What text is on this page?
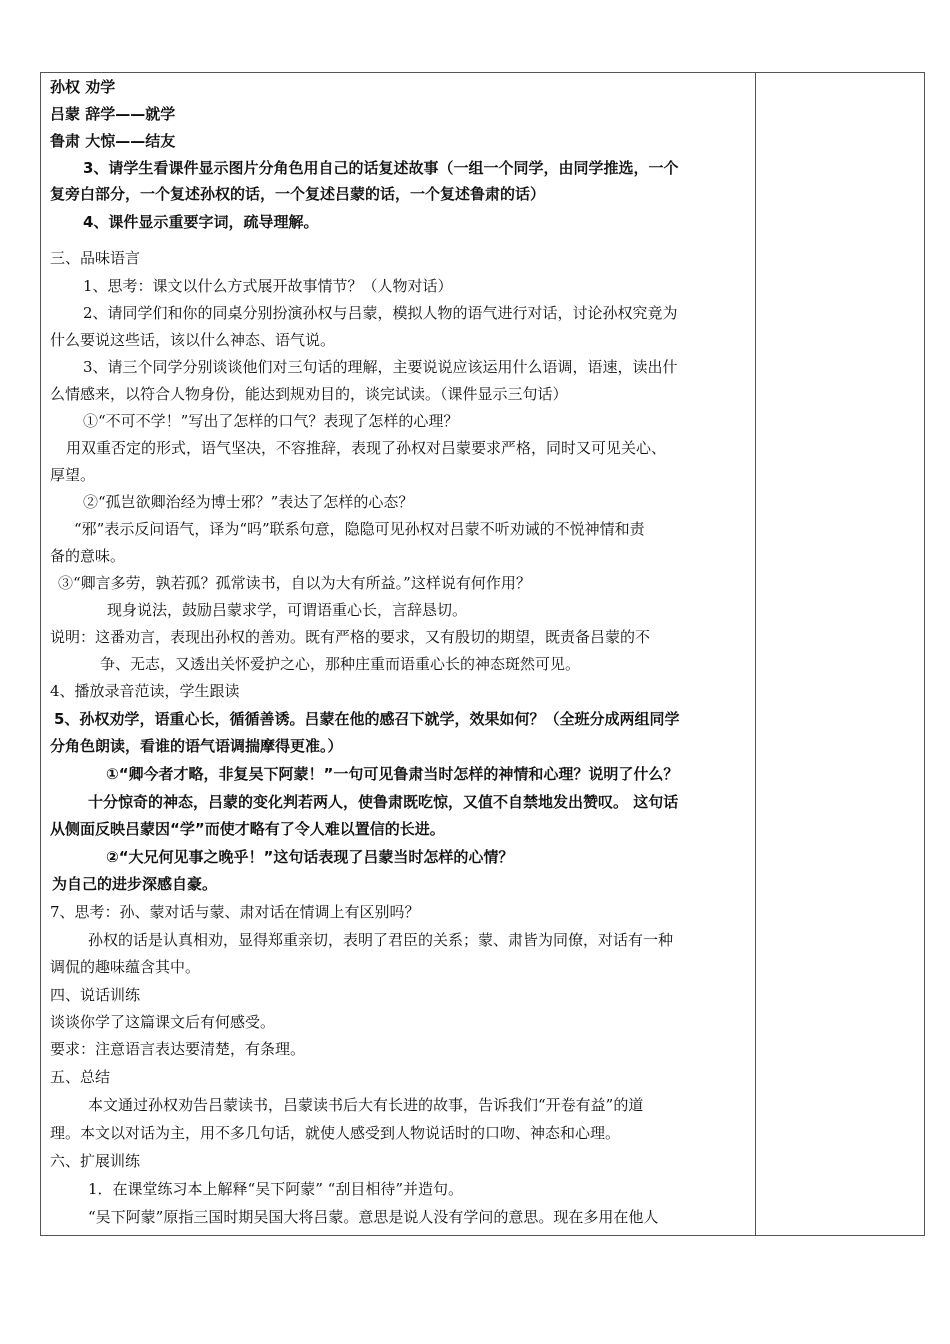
孙权 劝学
吕蒙 辞学——就学
鲁肃 大惊——结友
3、请学生看课件显示图片分角色用自己的话复述故事（一组一个同学，由同学推选，一个
复旁白部分，一个复述孙权的话，一个复述吕蒙的话，一个复述鲁肃的话）
4、课件显示重要字词，疏导理解。
三、品味语言
1、思考：课文以什么方式展开故事情节？（人物对话）
2、请同学们和你的同桌分别扮演孙权与吕蒙，模拟人物的语气进行对话，讨论孙权究竟为
什么要说这些话，该以什么神态、语气说。
3、请三个同学分别谈谈他们对三句话的理解，主要说说应该运用什么语调，语速，读出什
么情感来，以符合人物身份，能达到规劝目的，谈完试读。（课件显示三句话）
①“不可不学！”写出了怎样的口气？表现了怎样的心理？
用双重否定的形式，语气坚决，不容推辞，表现了孙权对吕蒙要求严格，同时又可见关心、
厚望。
②“孤岂欲卿治经为博士邪？”表达了怎样的心态？
“邪”表示反问语气，译为“吗”联系句意，隐隐可见孙权对吕蒙不听劝诫的不悦神情和责
备的意味。
③“卿言多劳，孰若孤？孤常读书，自以为大有所益。”这样说有何作用？
现身说法，鼓励吕蒙求学，可谓语重心长，言辞恳切。
说明：这番劝言，表现出孙权的善劝。既有严格的要求，又有殷切的期望，既责备吕蒙的不
争、无志，又透出关怀爱护之心，那种庄重而语重心长的神态斑然可见。
4、播放录音范读，学生跟读
5、孙权劝学，语重心长，循循善诱。吕蒙在他的感召下就学，效果如何？（全班分成两组同学
分角色朗读，看谁的语气语调揣摩得更准。）
①“卿今者才略，非复吴下阿蒙！”一句可见鲁肃当时怎样的神情和心理？说明了什么？
十分惊奇的神态，吕蒙的变化判若两人，使鲁肃既吃惊，又值不自禁地发出赞叹。 这句话
从侧面反映吕蒙因“学”而使才略有了令人难以置信的长进。
②“大兄何见事之晚乎！”这句话表现了吕蒙当时怎样的心情？
为自己的进步深感自豪。
7、思考：孙、蒙对话与蒙、肃对话在情调上有区别吗？
孙权的话是认真相劝，显得郑重亲切，表明了君臣的关系；蒙、肃皆为同僚，对话有一种
调侃的趣味蕴含其中。
四、说话训练
谈谈你学了这篇课文后有何感受。
要求：注意语言表达要清楚，有条理。
五、总结
本文通过孙权劝告吕蒙读书，吕蒙读书后大有长进的故事，告诉我们“开卷有益”的道
理。本文以对话为主，用不多几句话，就使人感受到人物说话时的口吻、神态和心理。
六、扩展训练
1．在课堂练习本上解释“吴下阿蒙” “刮目相待”并造句。
“吴下阿蒙”原指三国时期吴国大将吕蒙。意思是说人没有学问的意思。现在多用在他人
